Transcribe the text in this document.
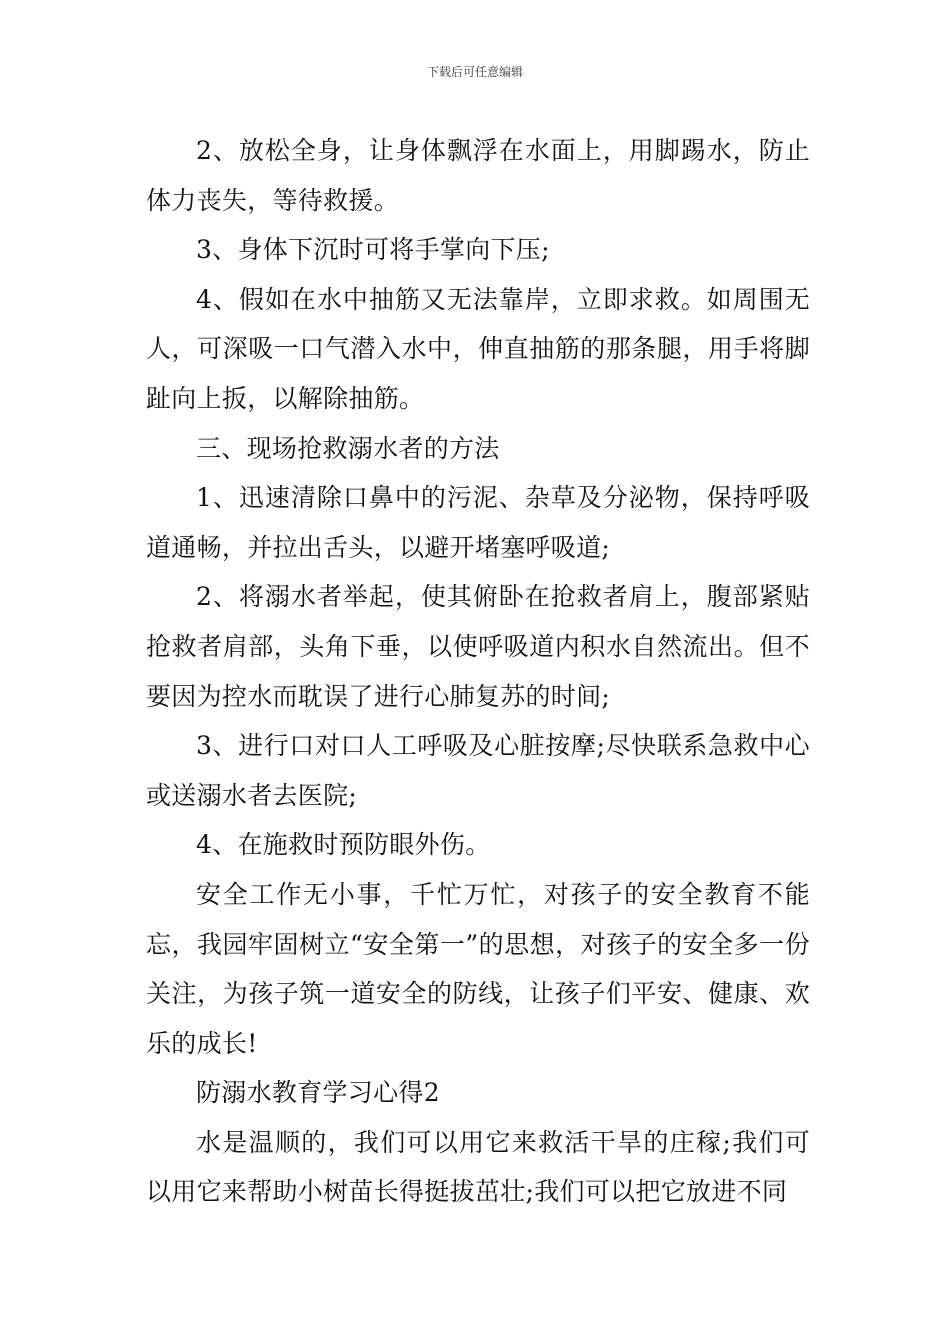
下载后可任意编辑

2、放松全身，让身体飘浮在水面上，用脚踢水，防止体力丧失，等待救援。

3、身体下沉时可将手掌向下压;

4、假如在水中抽筋又无法靠岸，立即求救。如周围无人，可深吸一口气潜入水中，伸直抽筋的那条腿，用手将脚趾向上扳，以解除抽筋。

三、现场抢救溺水者的方法

1、迅速清除口鼻中的污泥、杂草及分泌物，保持呼吸道通畅，并拉出舌头，以避开堵塞呼吸道;

2、将溺水者举起，使其俯卧在抢救者肩上，腹部紧贴抢救者肩部，头角下垂，以使呼吸道内积水自然流出。但不要因为控水而耽误了进行心肺复苏的时间;

3、进行口对口人工呼吸及心脏按摩;尽快联系急救中心或送溺水者去医院;

4、在施救时预防眼外伤。

安全工作无小事，千忙万忙，对孩子的安全教育不能忘，我园牢固树立“安全第一”的思想，对孩子的安全多一份关注，为孩子筑一道安全的防线，让孩子们平安、健康、欢乐的成长!

防溺水教育学习心得2

水是温顺的，我们可以用它来救活干旱的庄稼;我们可以用它来帮助小树苗长得挺拔茁壮;我们可以把它放进不同
